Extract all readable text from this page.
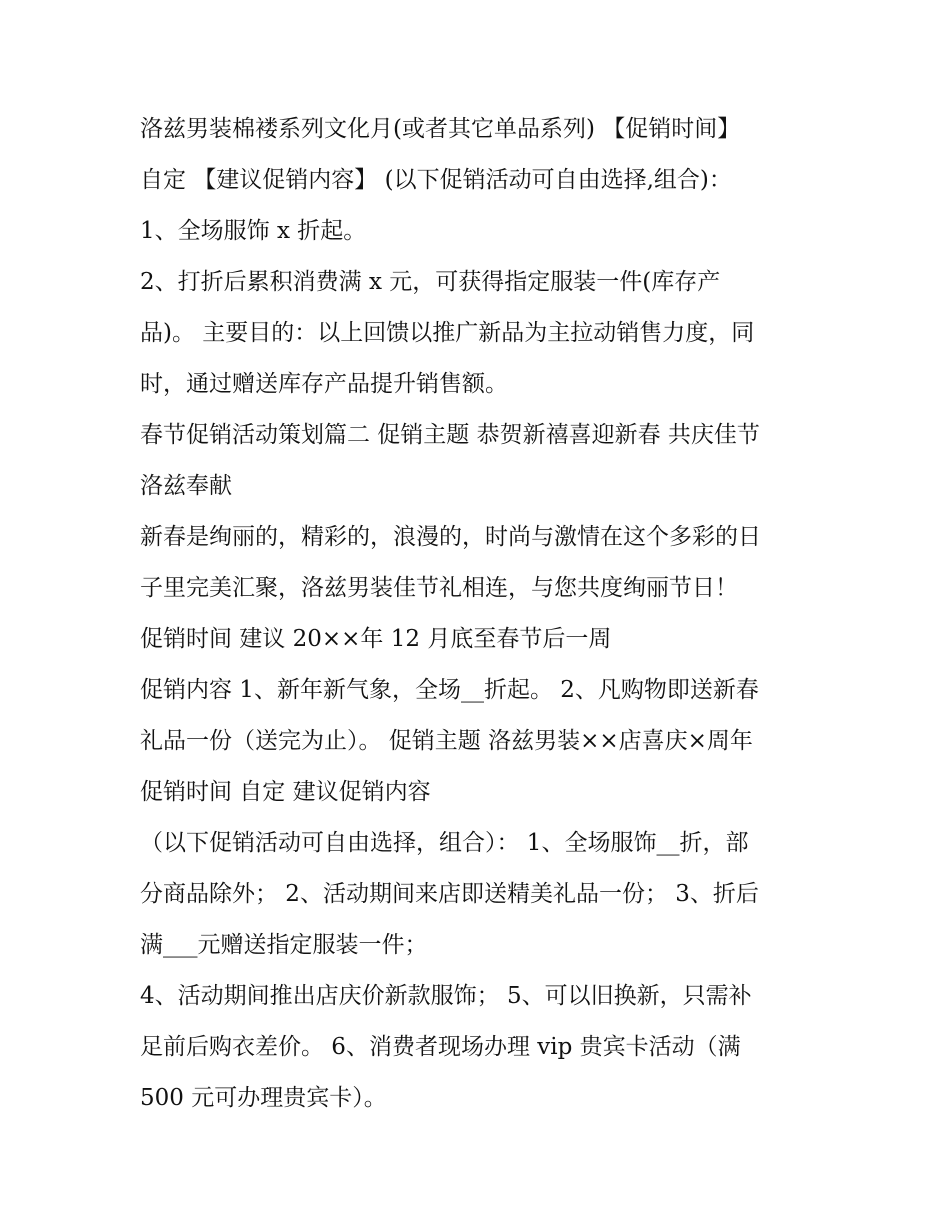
洛兹男装棉褛系列文化月(或者其它单品系列) 【促销时间】
自定 【建议促销内容】 (以下促销活动可自由选择,组合)：
1、全场服饰 x 折起。
2、打折后累积消费满 x 元，可获得指定服装一件(库存产
品)。 主要目的：以上回馈以推广新品为主拉动销售力度，同
时，通过赠送库存产品提升销售额。
春节促销活动策划篇二 促销主题 恭贺新禧喜迎新春 共庆佳节
洛兹奉献
新春是绚丽的，精彩的，浪漫的，时尚与激情在这个多彩的日
子里完美汇聚，洛兹男装佳节礼相连，与您共度绚丽节日！
促销时间 建议 20××年 12 月底至春节后一周
促销内容 1、新年新气象，全场__折起。 2、凡购物即送新春
礼品一份（送完为止）。 促销主题 洛兹男装××店喜庆×周年
促销时间 自定 建议促销内容
（以下促销活动可自由选择，组合）： 1、全场服饰__折，部
分商品除外； 2、活动期间来店即送精美礼品一份； 3、折后
满___元赠送指定服装一件；
4、活动期间推出店庆价新款服饰； 5、可以旧换新，只需补
足前后购衣差价。 6、消费者现场办理 vip 贵宾卡活动（满
500 元可办理贵宾卡）。
